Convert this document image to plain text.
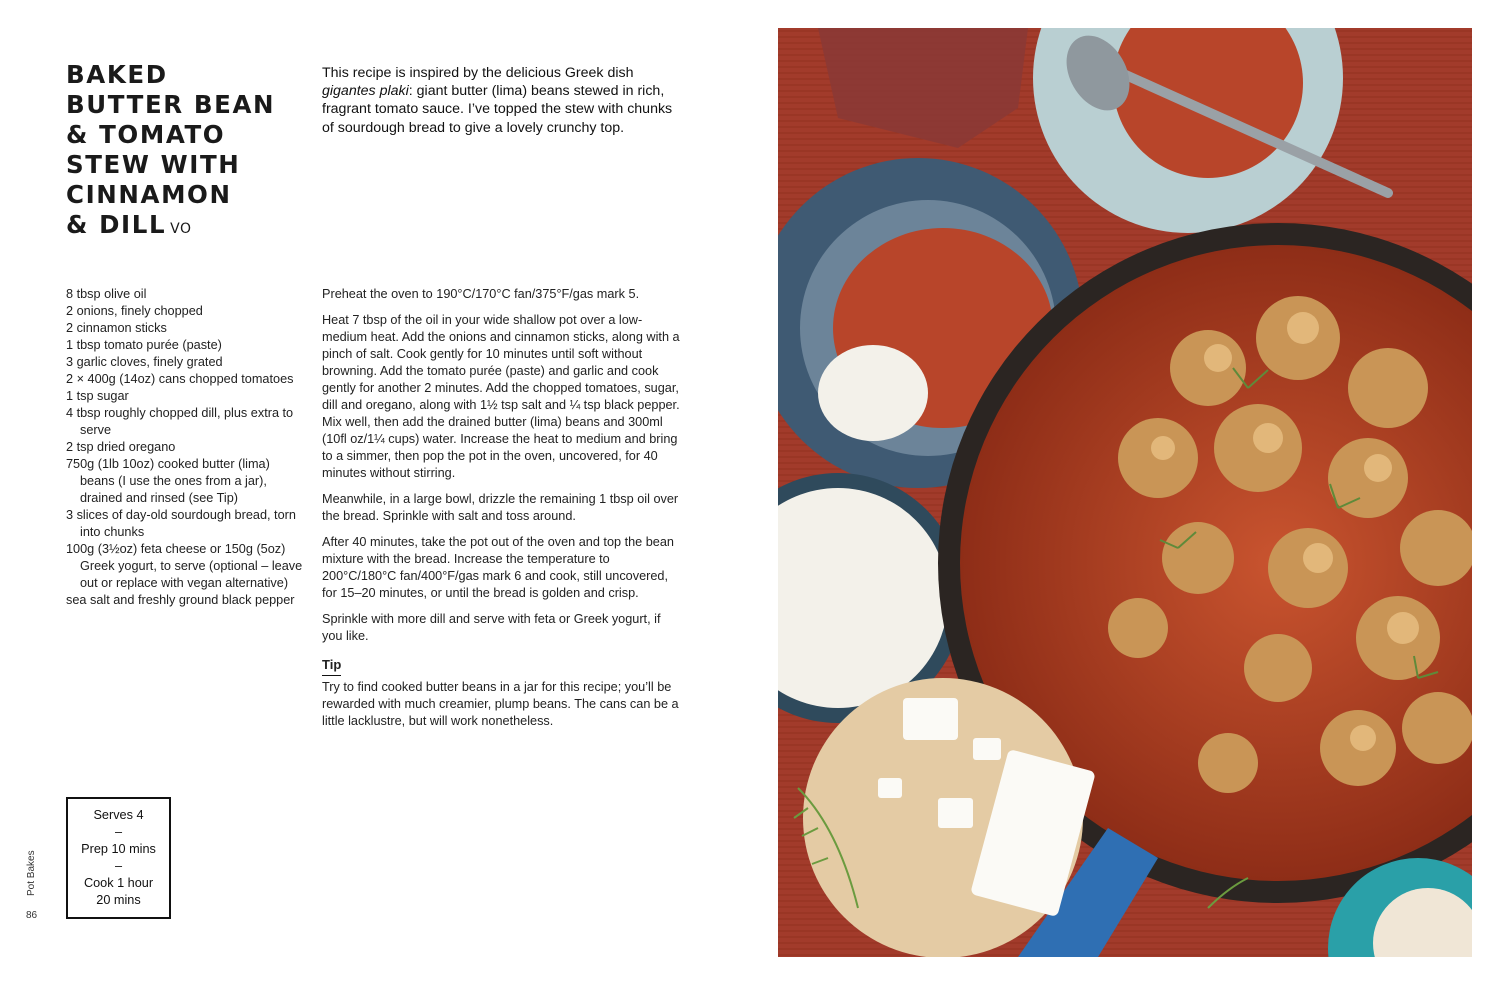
BAKED
BUTTER BEAN
& TOMATO
STEW WITH
CINNAMON
& DILL VO

This recipe is inspired by the delicious Greek dish gigantes plaki: giant butter (lima) beans stewed in rich, fragrant tomato sauce. I’ve topped the stew with chunks of sourdough bread to give a lovely crunchy top.

8 tbsp olive oil
2 onions, finely chopped
2 cinnamon sticks
1 tbsp tomato purée (paste)
3 garlic cloves, finely grated
2 × 400g (14oz) cans chopped tomatoes
1 tsp sugar
4 tbsp roughly chopped dill, plus extra to serve
2 tsp dried oregano
750g (1lb 10oz) cooked butter (lima) beans (I use the ones from a jar), drained and rinsed (see Tip)
3 slices of day-old sourdough bread, torn into chunks
100g (3½oz) feta cheese or 150g (5oz) Greek yogurt, to serve (optional – leave out or replace with vegan alternative)
sea salt and freshly ground black pepper

Preheat the oven to 190°C/170°C fan/375°F/gas mark 5.

Heat 7 tbsp of the oil in your wide shallow pot over a low-medium heat. Add the onions and cinnamon sticks, along with a pinch of salt. Cook gently for 10 minutes until soft without browning. Add the tomato purée (paste) and garlic and cook gently for another 2 minutes. Add the chopped tomatoes, sugar, dill and oregano, along with 1½ tsp salt and ¼ tsp black pepper. Mix well, then add the drained butter (lima) beans and 300ml (10fl oz/1¼ cups) water. Increase the heat to medium and bring to a simmer, then pop the pot in the oven, uncovered, for 40 minutes without stirring.

Meanwhile, in a large bowl, drizzle the remaining 1 tbsp oil over the bread. Sprinkle with salt and toss around.

After 40 minutes, take the pot out of the oven and top the bean mixture with the bread. Increase the temperature to 200°C/180°C fan/400°F/gas mark 6 and cook, still uncovered, for 15–20 minutes, or until the bread is golden and crisp.

Sprinkle with more dill and serve with feta or Greek yogurt, if you like.

Tip

Try to find cooked butter beans in a jar for this recipe; you’ll be rewarded with much creamier, plump beans. The cans can be a little lacklustre, but will work nonetheless.

Serves 4
–
Prep 10 mins
–
Cook 1 hour
20 mins
Pot Bakes
86
